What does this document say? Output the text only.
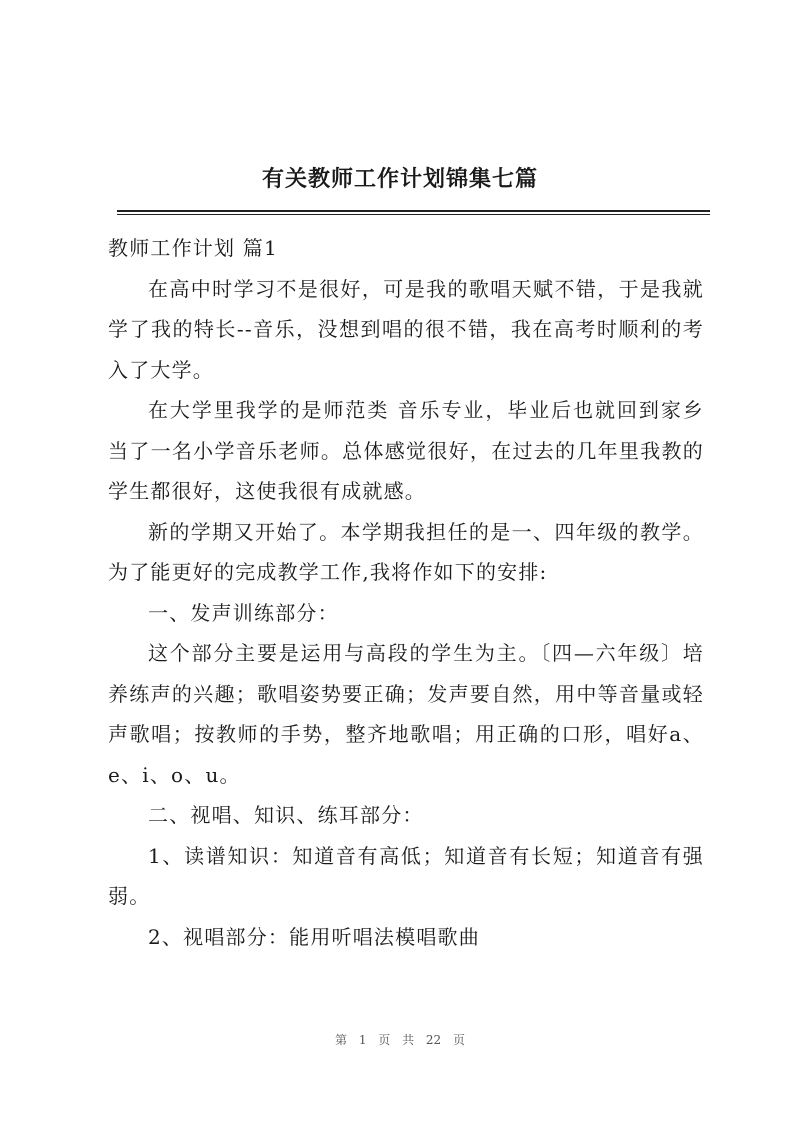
有关教师工作计划锦集七篇

教师工作计划 篇1

在高中时学习不是很好，可是我的歌唱天赋不错，于是我就学了我的特长--音乐，没想到唱的很不错，我在高考时顺利的考入了大学。

在大学里我学的是师范类 音乐专业，毕业后也就回到家乡当了一名小学音乐老师。总体感觉很好，在过去的几年里我教的学生都很好，这使我很有成就感。

新的学期又开始了。本学期我担任的是一、四年级的教学。为了能更好的完成教学工作,我将作如下的安排:

一、发声训练部分：

这个部分主要是运用与高段的学生为主。〔四—六年级〕培养练声的兴趣；歌唱姿势要正确；发声要自然，用中等音量或轻声歌唱；按教师的手势，整齐地歌唱；用正确的口形，唱好a、e、i、o、u。

二、视唱、知识、练耳部分：

1、读谱知识：知道音有高低；知道音有长短；知道音有强弱。

2、视唱部分：能用听唱法模唱歌曲

第 1 页 共 22 页
